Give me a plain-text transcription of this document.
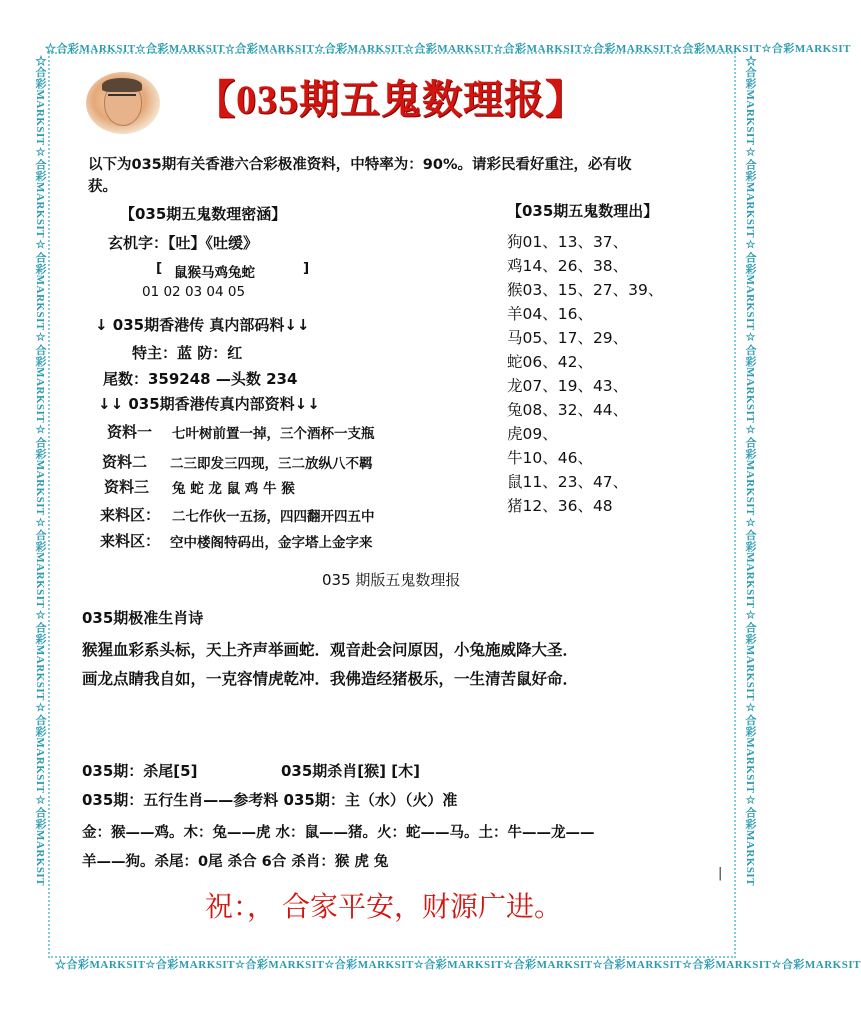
☆合彩MARKSIT☆合彩MARKSIT☆合彩MARKSIT☆合彩MARKSIT☆合彩MARKSIT☆合彩MARKSIT☆合彩MARKSIT☆合彩MARKSIT☆合彩MARKSIT
☆合彩MARKSIT☆合彩MARKSIT☆合彩MARKSIT☆合彩MARKSIT☆合彩MARKSIT☆合彩MARKSIT☆合彩MARKSIT☆合彩MARKSIT☆合彩MARKSIT
☆合彩MARKSIT☆合彩MARKSIT☆合彩MARKSIT☆合彩MARKSIT☆合彩MARKSIT☆合彩MARKSIT☆合彩MARKSIT☆合彩MARKSIT☆合彩MARKSIT	☆合彩MARKSIT☆合彩MARKSIT☆合彩MARKSIT☆合彩MARKSIT☆合彩MARKSIT☆合彩MARKSIT☆合彩MARKSIT☆合彩MARKSIT☆合彩MARKSIT
【035期五鬼数理报】
以下为035期有关香港六合彩极准资料，中特率为：90%。请彩民看好重注，必有收
获。
【035期五鬼数理密涵】
玄机字：【吐】《吐缓》
[ 鼠猴马鸡兔蛇	]
01 02 03 04 05
↓ 035期香港传 真内部码料↓↓
特主：蓝 防：红
尾数：359248 —头数 234
↓↓ 035期香港传真内部资料↓↓
资料一 七叶树前置一掉，三个酒杯一支瓶
资料二 二三即发三四现，三二放纵八不羁
资料三 兔 蛇 龙 鼠 鸡 牛 猴
来料区： 二七作伙一五扬，四四翻开四五中
来料区： 空中楼阁特码出，金字塔上金字来
【035期五鬼数理出】
狗01、13、37、
鸡14、26、38、
猴03、15、27、39、
羊04、16、
马05、17、29、
蛇06、42、
龙07、19、43、
兔08、32、44、
虎09、
牛10、46、
鼠11、23、47、
猪12、36、48
035 期版五鬼数理报
035期极准生肖诗
猴猩血彩系头标，天上齐声举画蛇．观音赴会问原因，小兔施威降大圣．
画龙点睛我自如，一克容情虎乾冲．我佛造经猪极乐，一生清苦鼠好命．
035期：杀尾[5]	035期杀肖[猴] [木]
035期：五行生肖——参考料 035期：主（水）（火）准
金：猴——鸡。木：兔——虎 水：鼠——猪。火：蛇——马。土：牛——龙——
羊——狗。杀尾：0尾 杀合 6合 杀肖：猴 虎 兔
|
祝：， 合家平安，财源广进。
